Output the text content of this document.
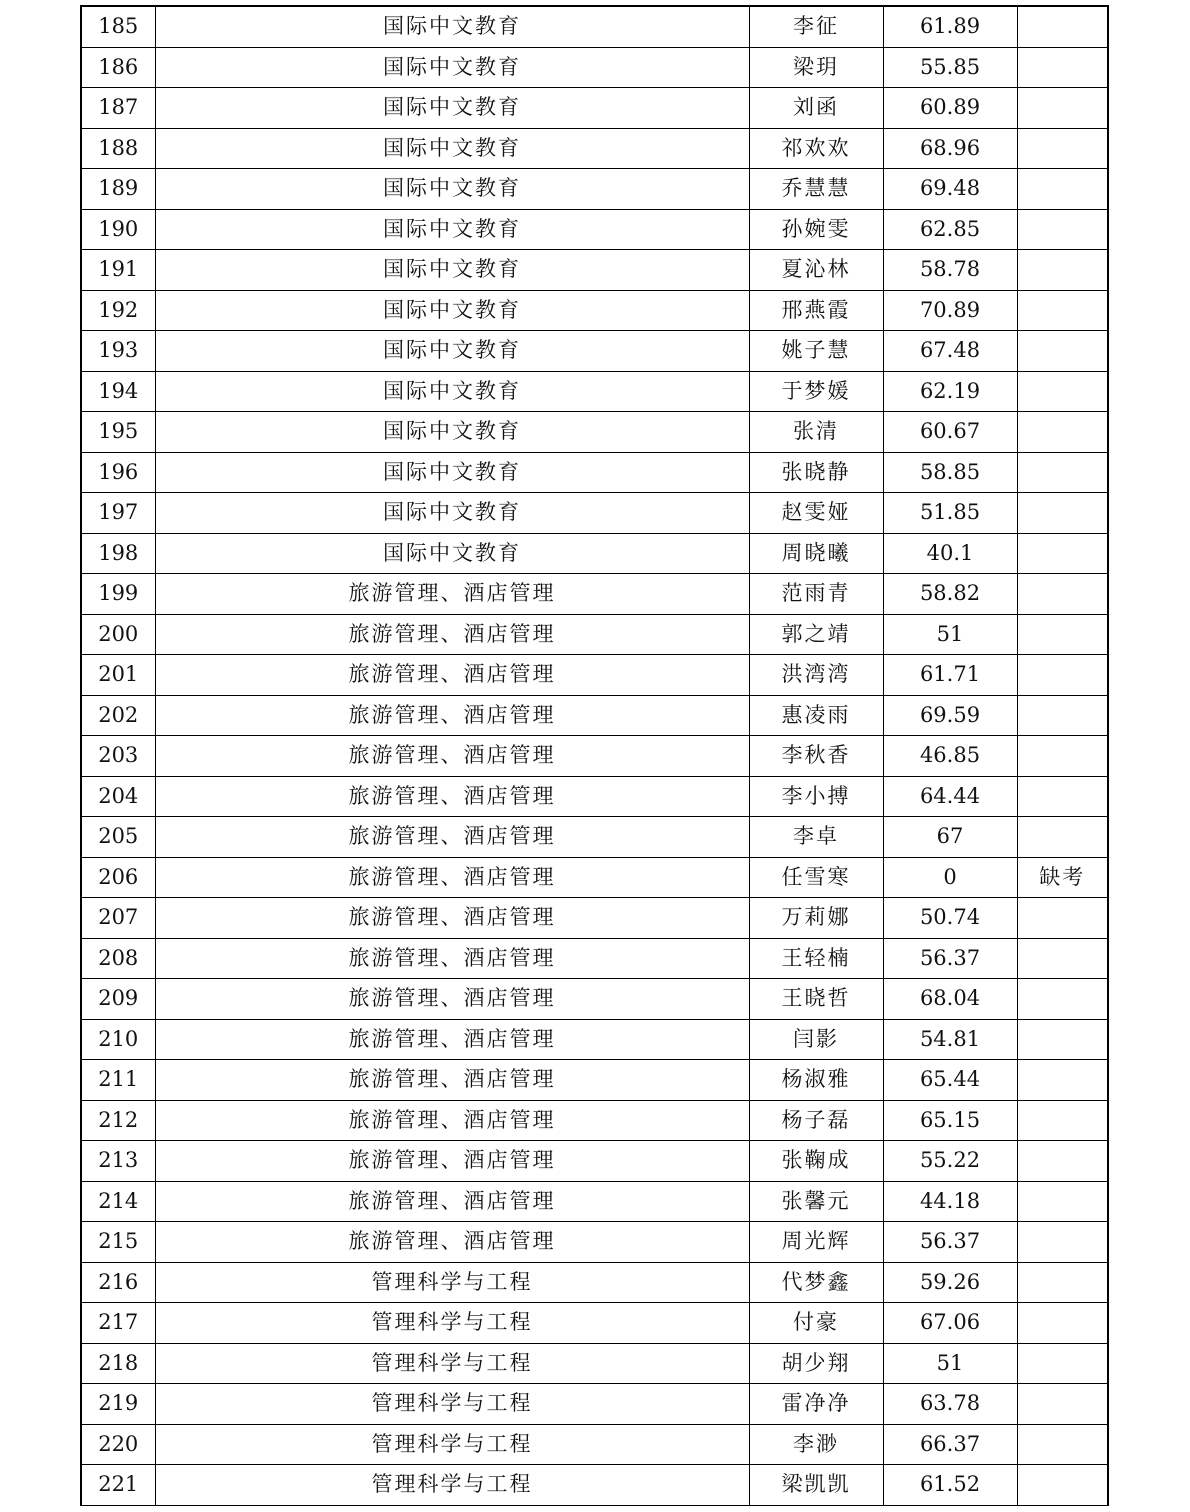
185	国际中文教育	李征	61.89	
186	国际中文教育	梁玥	55.85	
187	国际中文教育	刘函	60.89	
188	国际中文教育	祁欢欢	68.96	
189	国际中文教育	乔慧慧	69.48	
190	国际中文教育	孙婉雯	62.85	
191	国际中文教育	夏沁林	58.78	
192	国际中文教育	邢燕霞	70.89	
193	国际中文教育	姚子慧	67.48	
194	国际中文教育	于梦媛	62.19	
195	国际中文教育	张清	60.67	
196	国际中文教育	张晓静	58.85	
197	国际中文教育	赵雯娅	51.85	
198	国际中文教育	周晓曦	40.1	
199	旅游管理、酒店管理	范雨青	58.82	
200	旅游管理、酒店管理	郭之靖	51	
201	旅游管理、酒店管理	洪湾湾	61.71	
202	旅游管理、酒店管理	惠凌雨	69.59	
203	旅游管理、酒店管理	李秋香	46.85	
204	旅游管理、酒店管理	李小搏	64.44	
205	旅游管理、酒店管理	李卓	67	
206	旅游管理、酒店管理	任雪寒	0	缺考
207	旅游管理、酒店管理	万莉娜	50.74	
208	旅游管理、酒店管理	王轻楠	56.37	
209	旅游管理、酒店管理	王晓哲	68.04	
210	旅游管理、酒店管理	闫影	54.81	
211	旅游管理、酒店管理	杨淑雅	65.44	
212	旅游管理、酒店管理	杨子磊	65.15	
213	旅游管理、酒店管理	张鞠成	55.22	
214	旅游管理、酒店管理	张馨元	44.18	
215	旅游管理、酒店管理	周光辉	56.37	
216	管理科学与工程	代梦鑫	59.26	
217	管理科学与工程	付豪	67.06	
218	管理科学与工程	胡少翔	51	
219	管理科学与工程	雷净净	63.78	
220	管理科学与工程	李渺	66.37	
221	管理科学与工程	梁凯凯	61.52	
